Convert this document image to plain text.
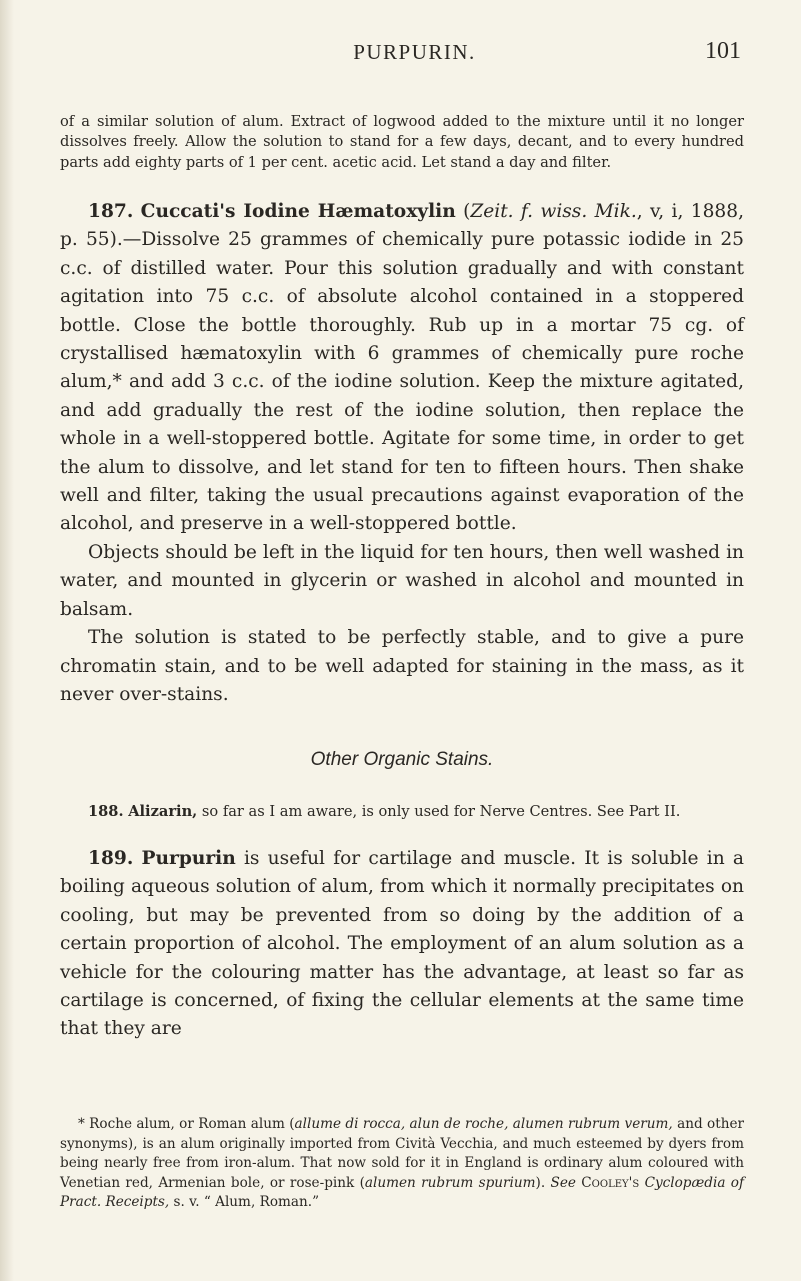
PURPURIN.	101

of a similar solution of alum. Extract of logwood added to the mixture until it no longer dissolves freely. Allow the solution to stand for a few days, decant, and to every hundred parts add eighty parts of 1 per cent. acetic acid. Let stand a day and filter.

187. Cuccati's Iodine Hæmatoxylin (Zeit. f. wiss. Mik., v, i, 1888, p. 55).—Dissolve 25 grammes of chemically pure potassic iodide in 25 c.c. of distilled water. Pour this solution gradually and with constant agitation into 75 c.c. of absolute alcohol contained in a stoppered bottle. Close the bottle thoroughly. Rub up in a mortar 75 cg. of crystallised hæmatoxylin with 6 grammes of chemically pure roche alum,* and add 3 c.c. of the iodine solution. Keep the mixture agitated, and add gradually the rest of the iodine solution, then replace the whole in a well-stoppered bottle. Agitate for some time, in order to get the alum to dissolve, and let stand for ten to fifteen hours. Then shake well and filter, taking the usual precautions against evaporation of the alcohol, and preserve in a well-stoppered bottle.

Objects should be left in the liquid for ten hours, then well washed in water, and mounted in glycerin or washed in alcohol and mounted in balsam.

The solution is stated to be perfectly stable, and to give a pure chromatin stain, and to be well adapted for staining in the mass, as it never over-stains.

Other Organic Stains.

188. Alizarin, so far as I am aware, is only used for Nerve Centres. See Part II.

189. Purpurin is useful for cartilage and muscle. It is soluble in a boiling aqueous solution of alum, from which it normally precipitates on cooling, but may be prevented from so doing by the addition of a certain proportion of alcohol. The employment of an alum solution as a vehicle for the colouring matter has the advantage, at least so far as cartilage is concerned, of fixing the cellular elements at the same time that they are

* Roche alum, or Roman alum (allume di rocca, alun de roche, alumen rubrum verum, and other synonyms), is an alum originally imported from Cività Vecchia, and much esteemed by dyers from being nearly free from iron-alum. That now sold for it in England is ordinary alum coloured with Venetian red, Armenian bole, or rose-pink (alumen rubrum spurium). See Cooley's Cyclopædia of Pract. Receipts, s. v. “ Alum, Roman.”
